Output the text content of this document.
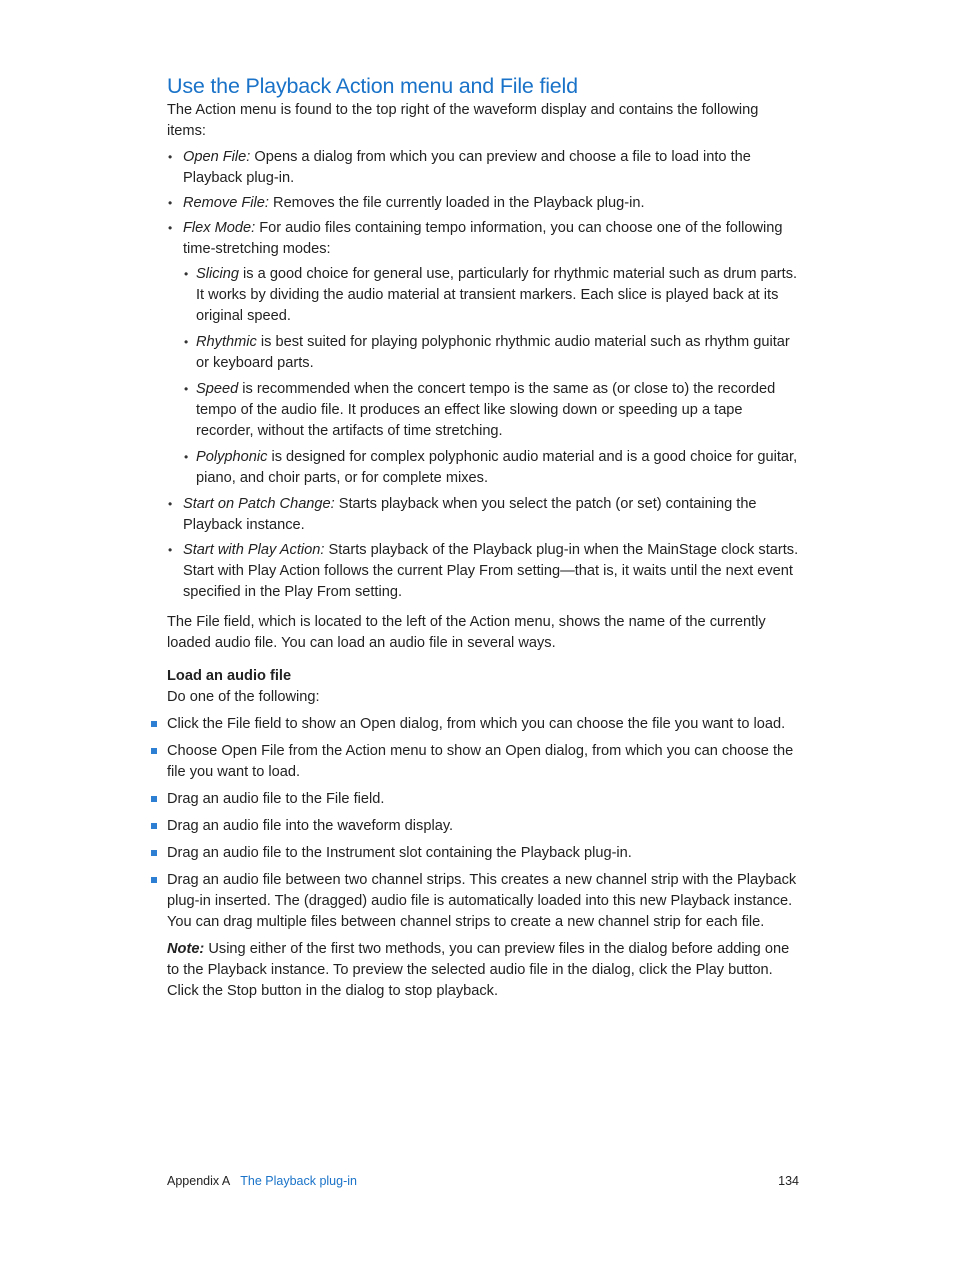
Use the Playback Action menu and File field

The Action menu is found to the top right of the waveform display and contains the following items:

• Open File: Opens a dialog from which you can preview and choose a file to load into the Playback plug-in.
• Remove File: Removes the file currently loaded in the Playback plug-in.
• Flex Mode: For audio files containing tempo information, you can choose one of the following time-stretching modes:
• Slicing is a good choice for general use, particularly for rhythmic material such as drum parts. It works by dividing the audio material at transient markers. Each slice is played back at its original speed.
• Rhythmic is best suited for playing polyphonic rhythmic audio material such as rhythm guitar or keyboard parts.
• Speed is recommended when the concert tempo is the same as (or close to) the recorded tempo of the audio file. It produces an effect like slowing down or speeding up a tape recorder, without the artifacts of time stretching.
• Polyphonic is designed for complex polyphonic audio material and is a good choice for guitar, piano, and choir parts, or for complete mixes.
• Start on Patch Change: Starts playback when you select the patch (or set) containing the Playback instance.
• Start with Play Action: Starts playback of the Playback plug-in when the MainStage clock starts. Start with Play Action follows the current Play From setting—that is, it waits until the next event specified in the Play From setting.

The File field, which is located to the left of the Action menu, shows the name of the currently loaded audio file. You can load an audio file in several ways.

Load an audio file

Do one of the following:

Click the File field to show an Open dialog, from which you can choose the file you want to load.
Choose Open File from the Action menu to show an Open dialog, from which you can choose the file you want to load.
Drag an audio file to the File field.
Drag an audio file into the waveform display.
Drag an audio file to the Instrument slot containing the Playback plug-in.
Drag an audio file between two channel strips. This creates a new channel strip with the Playback plug-in inserted. The (dragged) audio file is automatically loaded into this new Playback instance. You can drag multiple files between channel strips to create a new channel strip for each file.

Note: Using either of the first two methods, you can preview files in the dialog before adding one to the Playback instance. To preview the selected audio file in the dialog, click the Play button. Click the Stop button in the dialog to stop playback.

Appendix A The Playback plug-in	134
